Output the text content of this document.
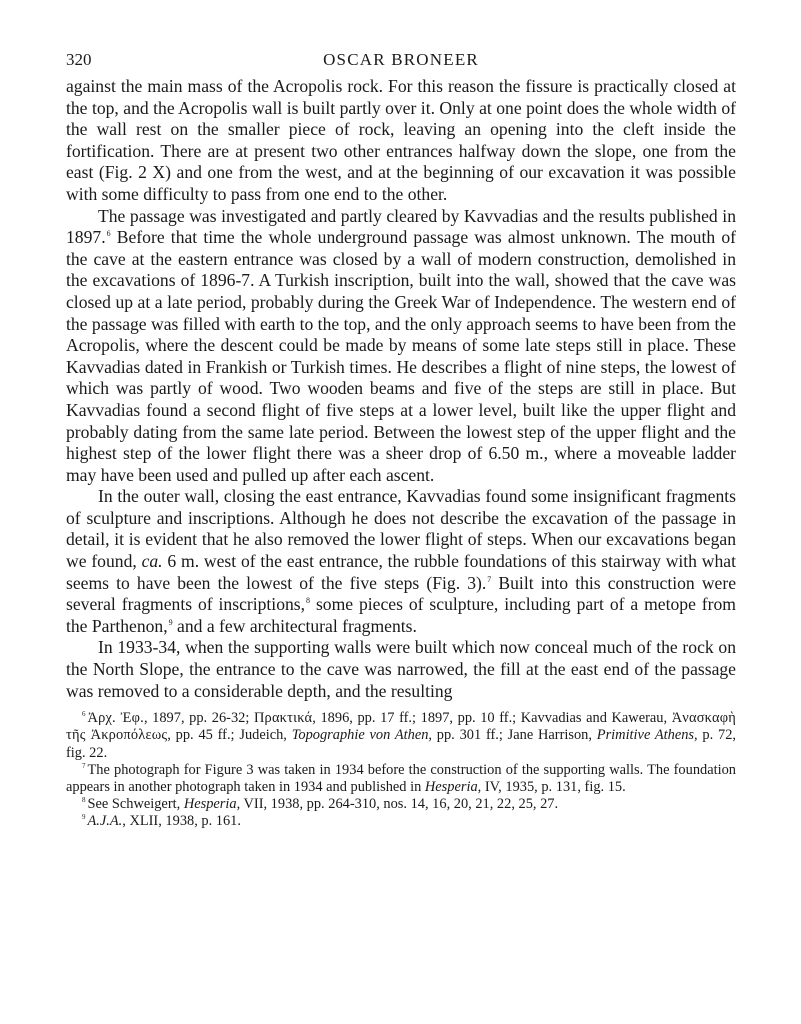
320	OSCAR BRONEER

against the main mass of the Acropolis rock. For this reason the fissure is practically closed at the top, and the Acropolis wall is built partly over it. Only at one point does the whole width of the wall rest on the smaller piece of rock, leaving an opening into the cleft inside the fortification. There are at present two other entrances halfway down the slope, one from the east (Fig. 2 X) and one from the west, and at the beginning of our excavation it was possible with some difficulty to pass from one end to the other.

The passage was investigated and partly cleared by Kavvadias and the results published in 1897.$^6$ Before that time the whole underground passage was almost unknown. The mouth of the cave at the eastern entrance was closed by a wall of modern construction, demolished in the excavations of 1896-7. A Turkish inscription, built into the wall, showed that the cave was closed up at a late period, probably during the Greek War of Independence. The western end of the passage was filled with earth to the top, and the only approach seems to have been from the Acropolis, where the descent could be made by means of some late steps still in place. These Kavvadias dated in Frankish or Turkish times. He describes a flight of nine steps, the lowest of which was partly of wood. Two wooden beams and five of the steps are still in place. But Kavvadias found a second flight of five steps at a lower level, built like the upper flight and probably dating from the same late period. Between the lowest step of the upper flight and the highest step of the lower flight there was a sheer drop of 6.50 m., where a moveable ladder may have been used and pulled up after each ascent.

In the outer wall, closing the east entrance, Kavvadias found some insignificant fragments of sculpture and inscriptions. Although he does not describe the excavation of the passage in detail, it is evident that he also removed the lower flight of steps. When our excavations began we found, ca. 6 m. west of the east entrance, the rubble foundations of this stairway with what seems to have been the lowest of the five steps (Fig. 3).$^7$ Built into this construction were several fragments of inscriptions,$^8$ some pieces of sculpture, including part of a metope from the Parthenon,$^9$ and a few architectural fragments.

In 1933-34, when the supporting walls were built which now conceal much of the rock on the North Slope, the entrance to the cave was narrowed, the fill at the east end of the passage was removed to a considerable depth, and the resulting

$^6$ Ἀρχ. Ἐφ., 1897, pp. 26-32; Πρακτικά, 1896, pp. 17 ff.; 1897, pp. 10 ff.; Kavvadias and Kawerau, Ἀνασκαφὴ τῆς Ἀκροπόλεως, pp. 45 ff.; Judeich, Topographie von Athen, pp. 301 ff.; Jane Harrison, Primitive Athens, p. 72, fig. 22.

$^7$ The photograph for Figure 3 was taken in 1934 before the construction of the supporting walls. The foundation appears in another photograph taken in 1934 and published in Hesperia, IV, 1935, p. 131, fig. 15.

$^8$ See Schweigert, Hesperia, VII, 1938, pp. 264-310, nos. 14, 16, 20, 21, 22, 25, 27.

$^9$ A.J.A., XLII, 1938, p. 161.
